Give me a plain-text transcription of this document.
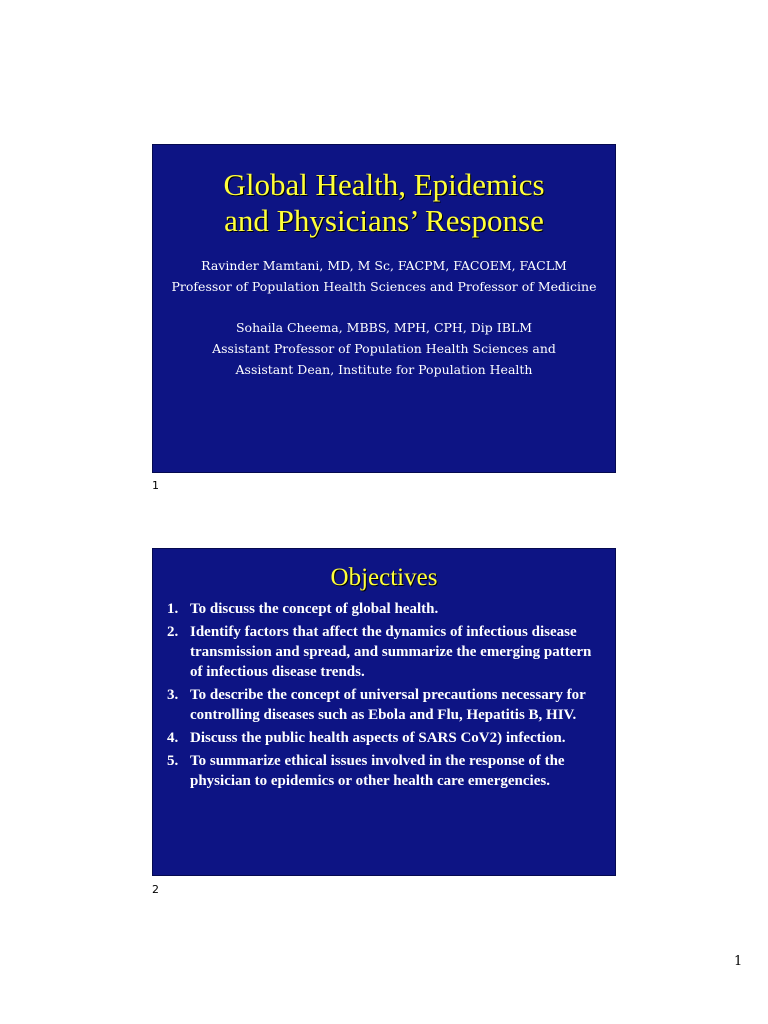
Global Health, Epidemics
and Physicians’ Response
Ravinder Mamtani, MD, M Sc, FACPM, FACOEM, FACLM
Professor of Population Health Sciences and Professor of Medicine
Sohaila Cheema, MBBS, MPH, CPH, Dip IBLM
Assistant Professor of Population Health Sciences and
Assistant Dean, Institute for Population Health
1
Objectives
1. To discuss the concept of global health.
2. Identify factors that affect the dynamics of infectious disease transmission and spread, and summarize the emerging pattern of infectious disease trends.
3. To describe the concept of universal precautions necessary for controlling diseases such as Ebola and Flu, Hepatitis B, HIV.
4. Discuss the public health aspects of SARS CoV2) infection.
5. To summarize ethical issues involved in the response of the physician to epidemics or other health care emergencies.
2
1
